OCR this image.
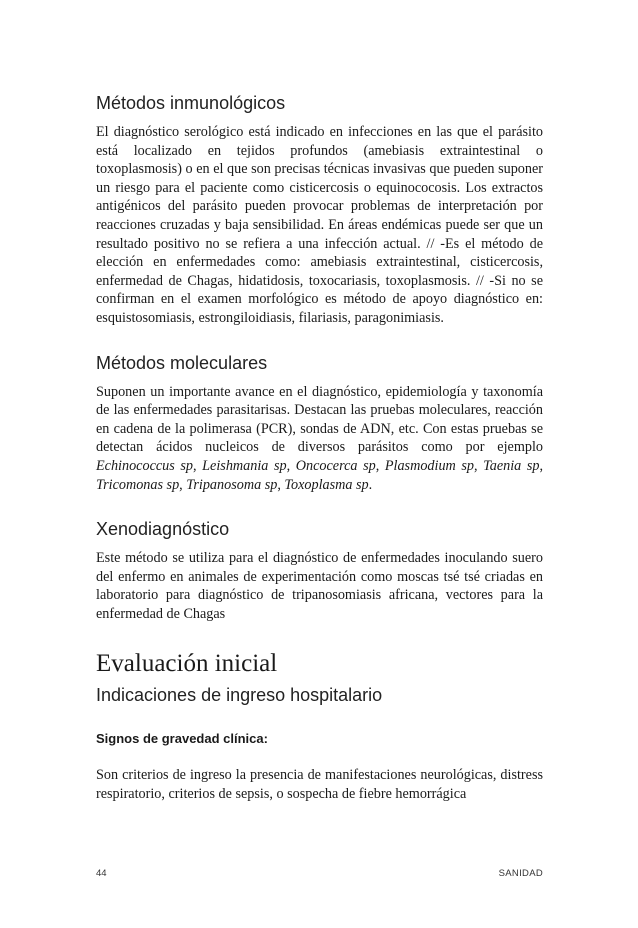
Métodos inmunológicos

El diagnóstico serológico está indicado en infecciones en las que el parásito está localizado en tejidos profundos (amebiasis extraintestinal o toxoplasmosis) o en el que son precisas técnicas invasivas que pueden suponer un riesgo para el paciente como cisticercosis o equinococosis. Los extractos antigénicos del parásito pueden provocar problemas de interpretación por reacciones cruzadas y baja sensibilidad. En áreas endémicas puede ser que un resultado positivo no se refiera a una infección actual. // -Es el método de elección en enfermedades como: amebiasis extraintestinal, cisticercosis, enfermedad de Chagas, hidatidosis, toxocariasis, toxoplasmosis. // -Si no se confirman en el examen morfológico es método de apoyo diagnóstico en: esquistosomiasis, estrongiloidiasis, filariasis, paragonimiasis.

Métodos moleculares

Suponen un importante avance en el diagnóstico, epidemiología y taxonomía de las enfermedades parasitarisas. Destacan las pruebas moleculares, reacción en cadena de la polimerasa (PCR), sondas de ADN, etc. Con estas pruebas se detectan ácidos nucleicos de diversos parásitos como por ejemplo Echinococcus sp, Leishmania sp, Oncocerca sp, Plasmodium sp, Taenia sp, Tricomonas sp, Tripanosoma sp, Toxoplasma sp.

Xenodiagnóstico

Este método se utiliza para el diagnóstico de enfermedades inoculando suero del enfermo en animales de experimentación como moscas tsé tsé criadas en laboratorio para diagnóstico de tripanosomiasis africana, vectores para la enfermedad de Chagas

Evaluación inicial
Indicaciones de ingreso hospitalario
Signos de gravedad clínica:

Son criterios de ingreso la presencia de manifestaciones neurológicas, distress respiratorio, criterios de sepsis, o sospecha de fiebre hemorrágica

44	SANIDAD
